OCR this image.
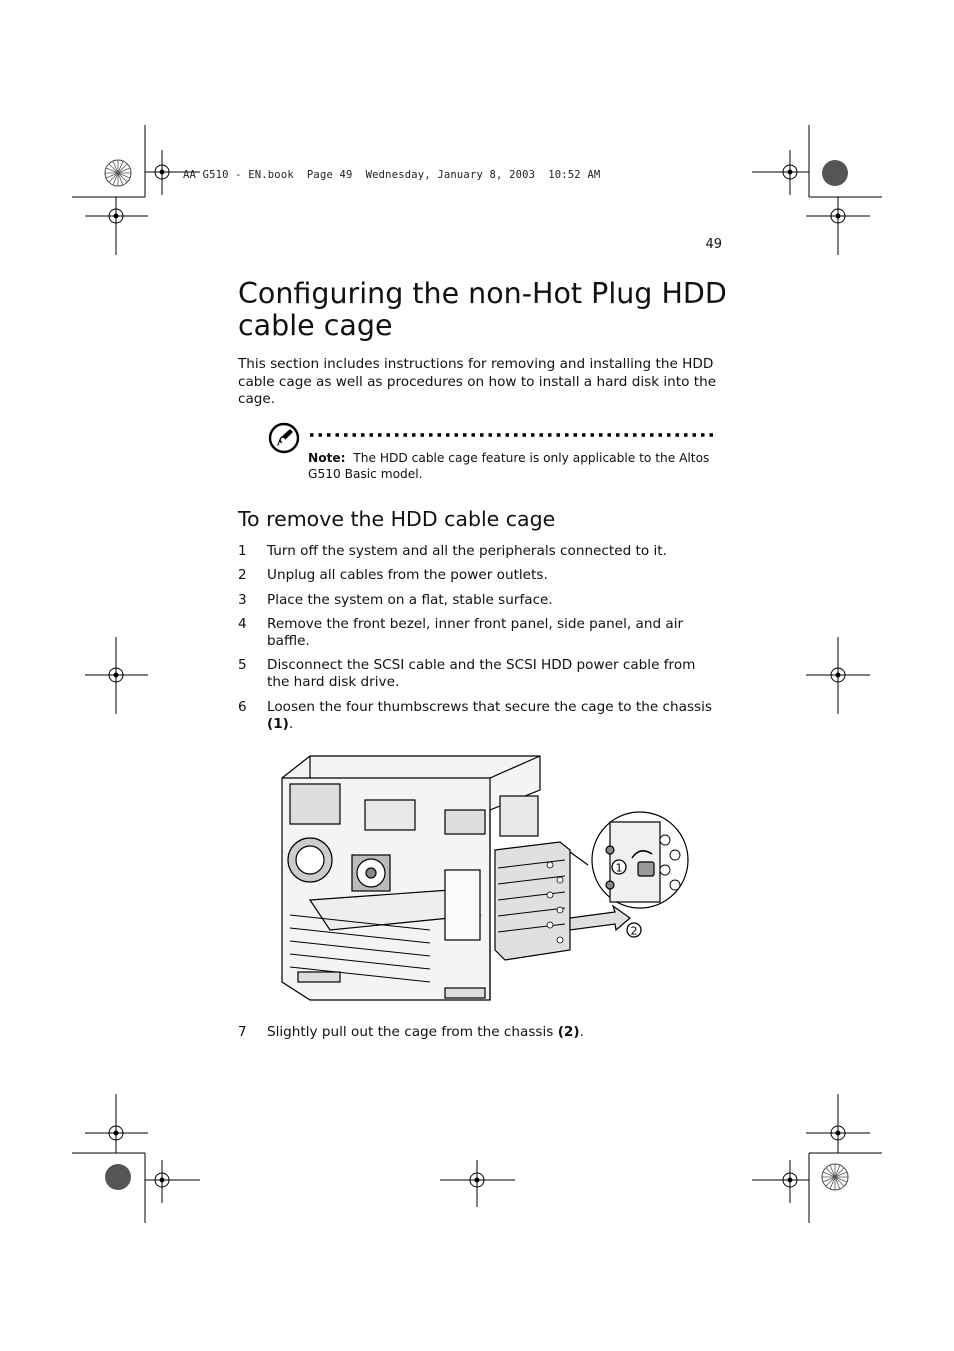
AA G510 - EN.book  Page 49  Wednesday, January 8, 2003  10:52 AM
49
Configuring the non-Hot Plug HDD cable cage

This section includes instructions for removing and installing the HDD cable cage as well as procedures on how to install a hard disk into the cage.

Note: The HDD cable cage feature is only applicable to the Altos G510 Basic model.

To remove the HDD cable cage
1 Turn off the system and all the peripherals connected to it.
2 Unplug all cables from the power outlets.
3 Place the system on a flat, stable surface.
4 Remove the front bezel, inner front panel, side panel, and air baffle.
5 Disconnect the SCSI cable and the SCSI HDD power cable from the hard disk drive.
6 Loosen the four thumbscrews that secure the cage to the chassis (1).
7 Slightly pull out the cage from the chassis (2).
1
2
